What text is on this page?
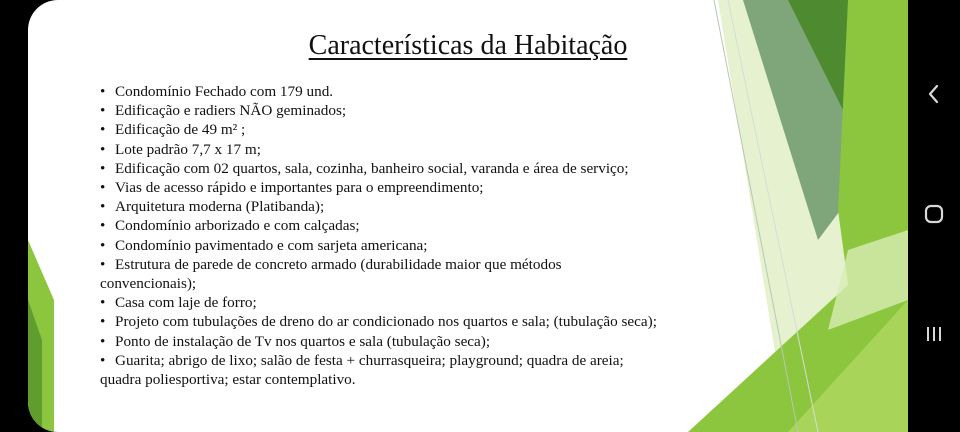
Características da Habitação
• Condomínio Fechado com 179 und.
• Edificação e radiers NÃO geminados;
• Edificação de 49 m² ;
• Lote padrão 7,7 x 17 m;
• Edificação com 02 quartos, sala, cozinha, banheiro social, varanda e área de serviço;
• Vias de acesso rápido e importantes para o empreendimento;
• Arquitetura moderna (Platibanda);
• Condomínio arborizado e com calçadas;
• Condomínio pavimentado e com sarjeta americana;
• Estrutura de parede de concreto armado (durabilidade maior que métodos
convencionais);
• Casa com laje de forro;
• Projeto com tubulações de dreno do ar condicionado nos quartos e sala; (tubulação seca);
• Ponto de instalação de Tv nos quartos e sala (tubulação seca);
• Guarita; abrigo de lixo; salão de festa + churrasqueira; playground; quadra de areia;
quadra poliesportiva; estar contemplativo.
